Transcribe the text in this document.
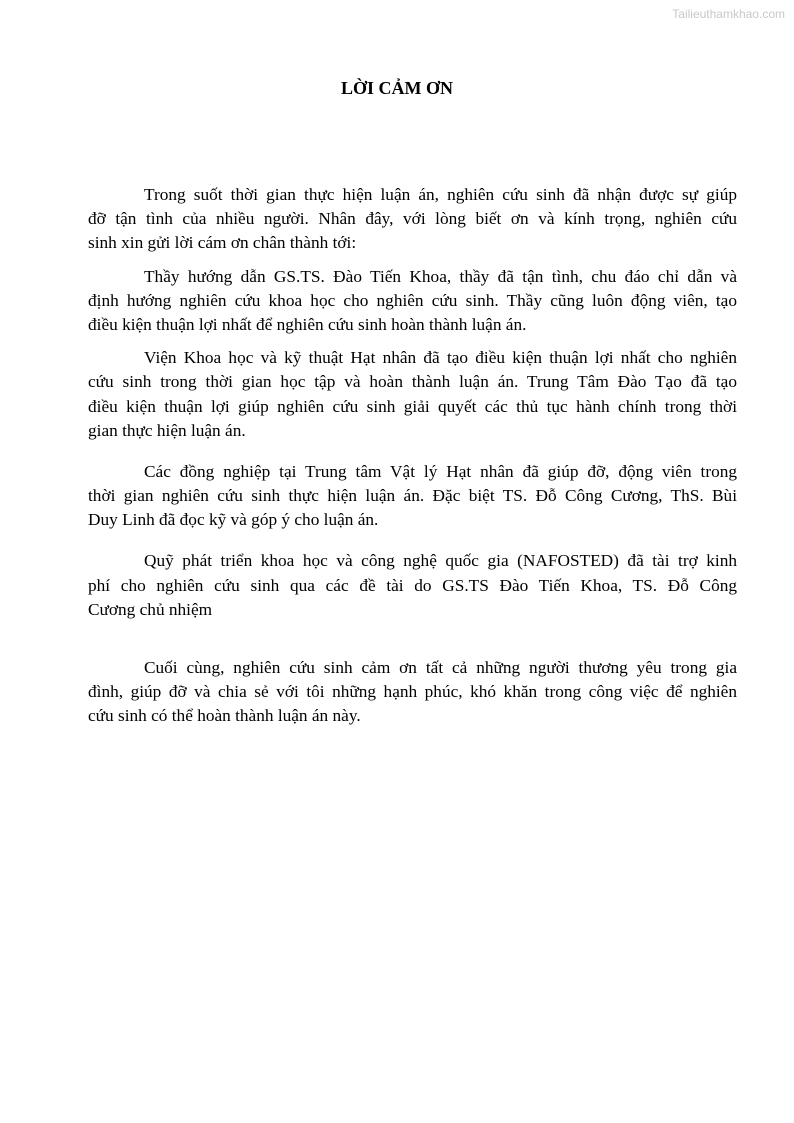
Tailieuthamkhao.com
LỜI CẢM ƠN
Trong suốt thời gian thực hiện luận án, nghiên cứu sinh đã nhận được sự giúp
đỡ tận tình của nhiều người. Nhân đây, với lòng biết ơn và kính trọng, nghiên cứu
sinh xin gửi lời cám ơn chân thành tới:
Thầy hướng dẫn GS.TS. Đào Tiến Khoa, thầy đã tận tình, chu đáo chỉ dẫn và
định hướng nghiên cứu khoa học cho nghiên cứu sinh. Thầy cũng luôn động viên, tạo
điều kiện thuận lợi nhất để nghiên cứu sinh hoàn thành luận án.
Viện Khoa học và kỹ thuật Hạt nhân đã tạo điều kiện thuận lợi nhất cho nghiên
cứu sinh trong thời gian học tập và hoàn thành luận án. Trung Tâm Đào Tạo đã tạo
điều kiện thuận lợi giúp nghiên cứu sinh giải quyết các thủ tục hành chính trong thời
gian thực hiện luận án.
Các đồng nghiệp tại Trung tâm Vật lý Hạt nhân đã giúp đỡ, động viên trong
thời gian nghiên cứu sinh thực hiện luận án. Đặc biệt TS. Đỗ Công Cương, ThS. Bùi
Duy Linh đã đọc kỹ và góp ý cho luận án.
Quỹ phát triển khoa học và công nghệ quốc gia (NAFOSTED) đã tài trợ kinh
phí cho nghiên cứu sinh qua các đề tài do GS.TS Đào Tiến Khoa, TS. Đỗ Công
Cương chủ nhiệm
Cuối cùng, nghiên cứu sinh cảm ơn tất cả những người thương yêu trong gia
đình, giúp đỡ và chia sẻ với tôi những hạnh phúc, khó khăn trong công việc để nghiên
cứu sinh có thể hoàn thành luận án này.
